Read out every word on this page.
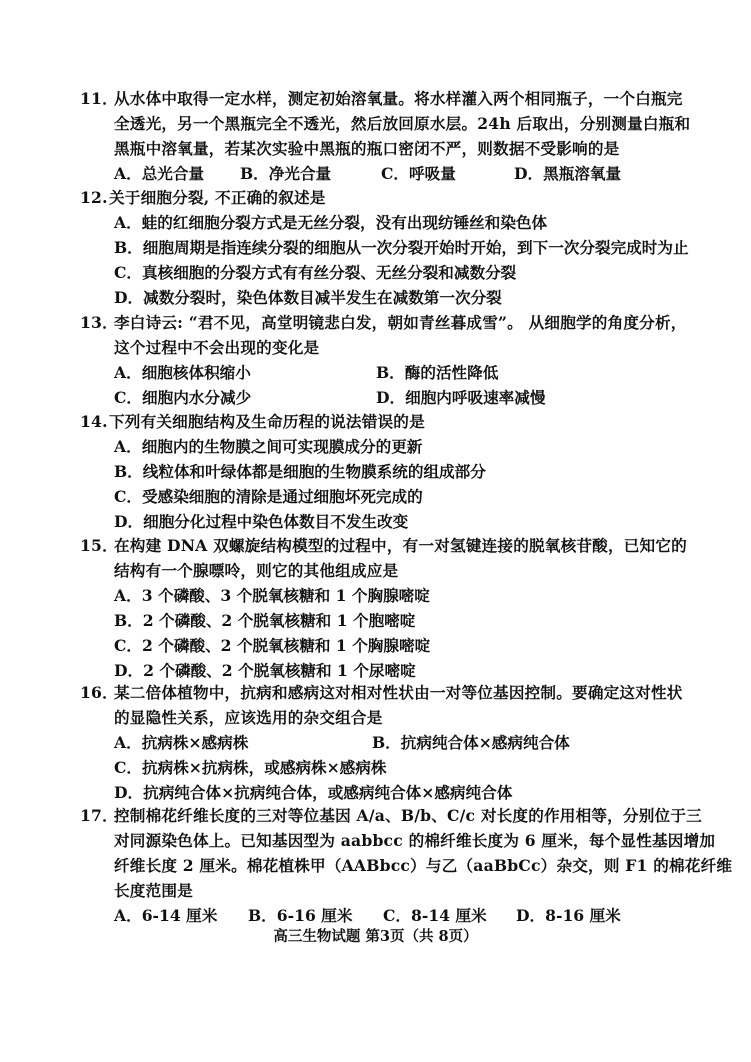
11．
从水体中取得一定水样，测定初始溶氧量。将水样灌入两个相同瓶子，一个白瓶完
全透光，另一个黑瓶完全不透光，然后放回原水层。24h 后取出，分别测量白瓶和
黑瓶中溶氧量，若某次实验中黑瓶的瓶口密闭不严，则数据不受影响的是
A．总光合量 B．净光合量	C．呼吸量	D．黑瓶溶氧量
12. 关于细胞分裂, 不正确的叙述是
A．蛙的红细胞分裂方式是无丝分裂，没有出现纺锤丝和染色体
B．细胞周期是指连续分裂的细胞从一次分裂开始时开始，到下一次分裂完成时为止
C．真核细胞的分裂方式有有丝分裂、无丝分裂和减数分裂
D．减数分裂时，染色体数目减半发生在减数第一次分裂
13．
李白诗云: “君不见，高堂明镜悲白发，朝如青丝暮成雪”。 从细胞学的角度分析，
这个过程中不会出现的变化是
A．细胞核体积缩小	B．酶的活性降低
C．细胞内水分减少	D．细胞内呼吸速率减慢
14. 下列有关细胞结构及生命历程的说法错误的是
A．细胞内的生物膜之间可实现膜成分的更新
B．线粒体和叶绿体都是细胞的生物膜系统的组成部分
C．受感染细胞的清除是通过细胞坏死完成的
D．细胞分化过程中染色体数目不发生改变
15．
在构建 DNA 双螺旋结构模型的过程中，有一对氢键连接的脱氧核苷酸，已知它的
结构有一个腺嘌呤，则它的其他组成应是
A．3 个磷酸、3 个脱氧核糖和 1 个胸腺嘧啶
B．2 个磷酸、2 个脱氧核糖和 1 个胞嘧啶
C．2 个磷酸、2 个脱氧核糖和 1 个胸腺嘧啶
D．2 个磷酸、2 个脱氧核糖和 1 个尿嘧啶
16．
某二倍体植物中，抗病和感病这对相对性状由一对等位基因控制。要确定这对性状
的显隐性关系，应该选用的杂交组合是
A．抗病株×感病株	B．抗病纯合体×感病纯合体
C．抗病株×抗病株，或感病株×感病株
D．抗病纯合体×抗病纯合体，或感病纯合体×感病纯合体
17．
控制棉花纤维长度的三对等位基因 A/a、B/b、C/c 对长度的作用相等，分别位于三
对同源染色体上。已知基因型为 aabbcc 的棉纤维长度为 6 厘米，每个显性基因增加
纤维长度 2 厘米。棉花植株甲（AABbcc）与乙（aaBbCc）杂交，则 F1 的棉花纤维
长度范围是
A．6-14 厘米 B．6-16 厘米 C．8-14 厘米 D．8-16 厘米
高三生物试题 第3页（共 8页）
